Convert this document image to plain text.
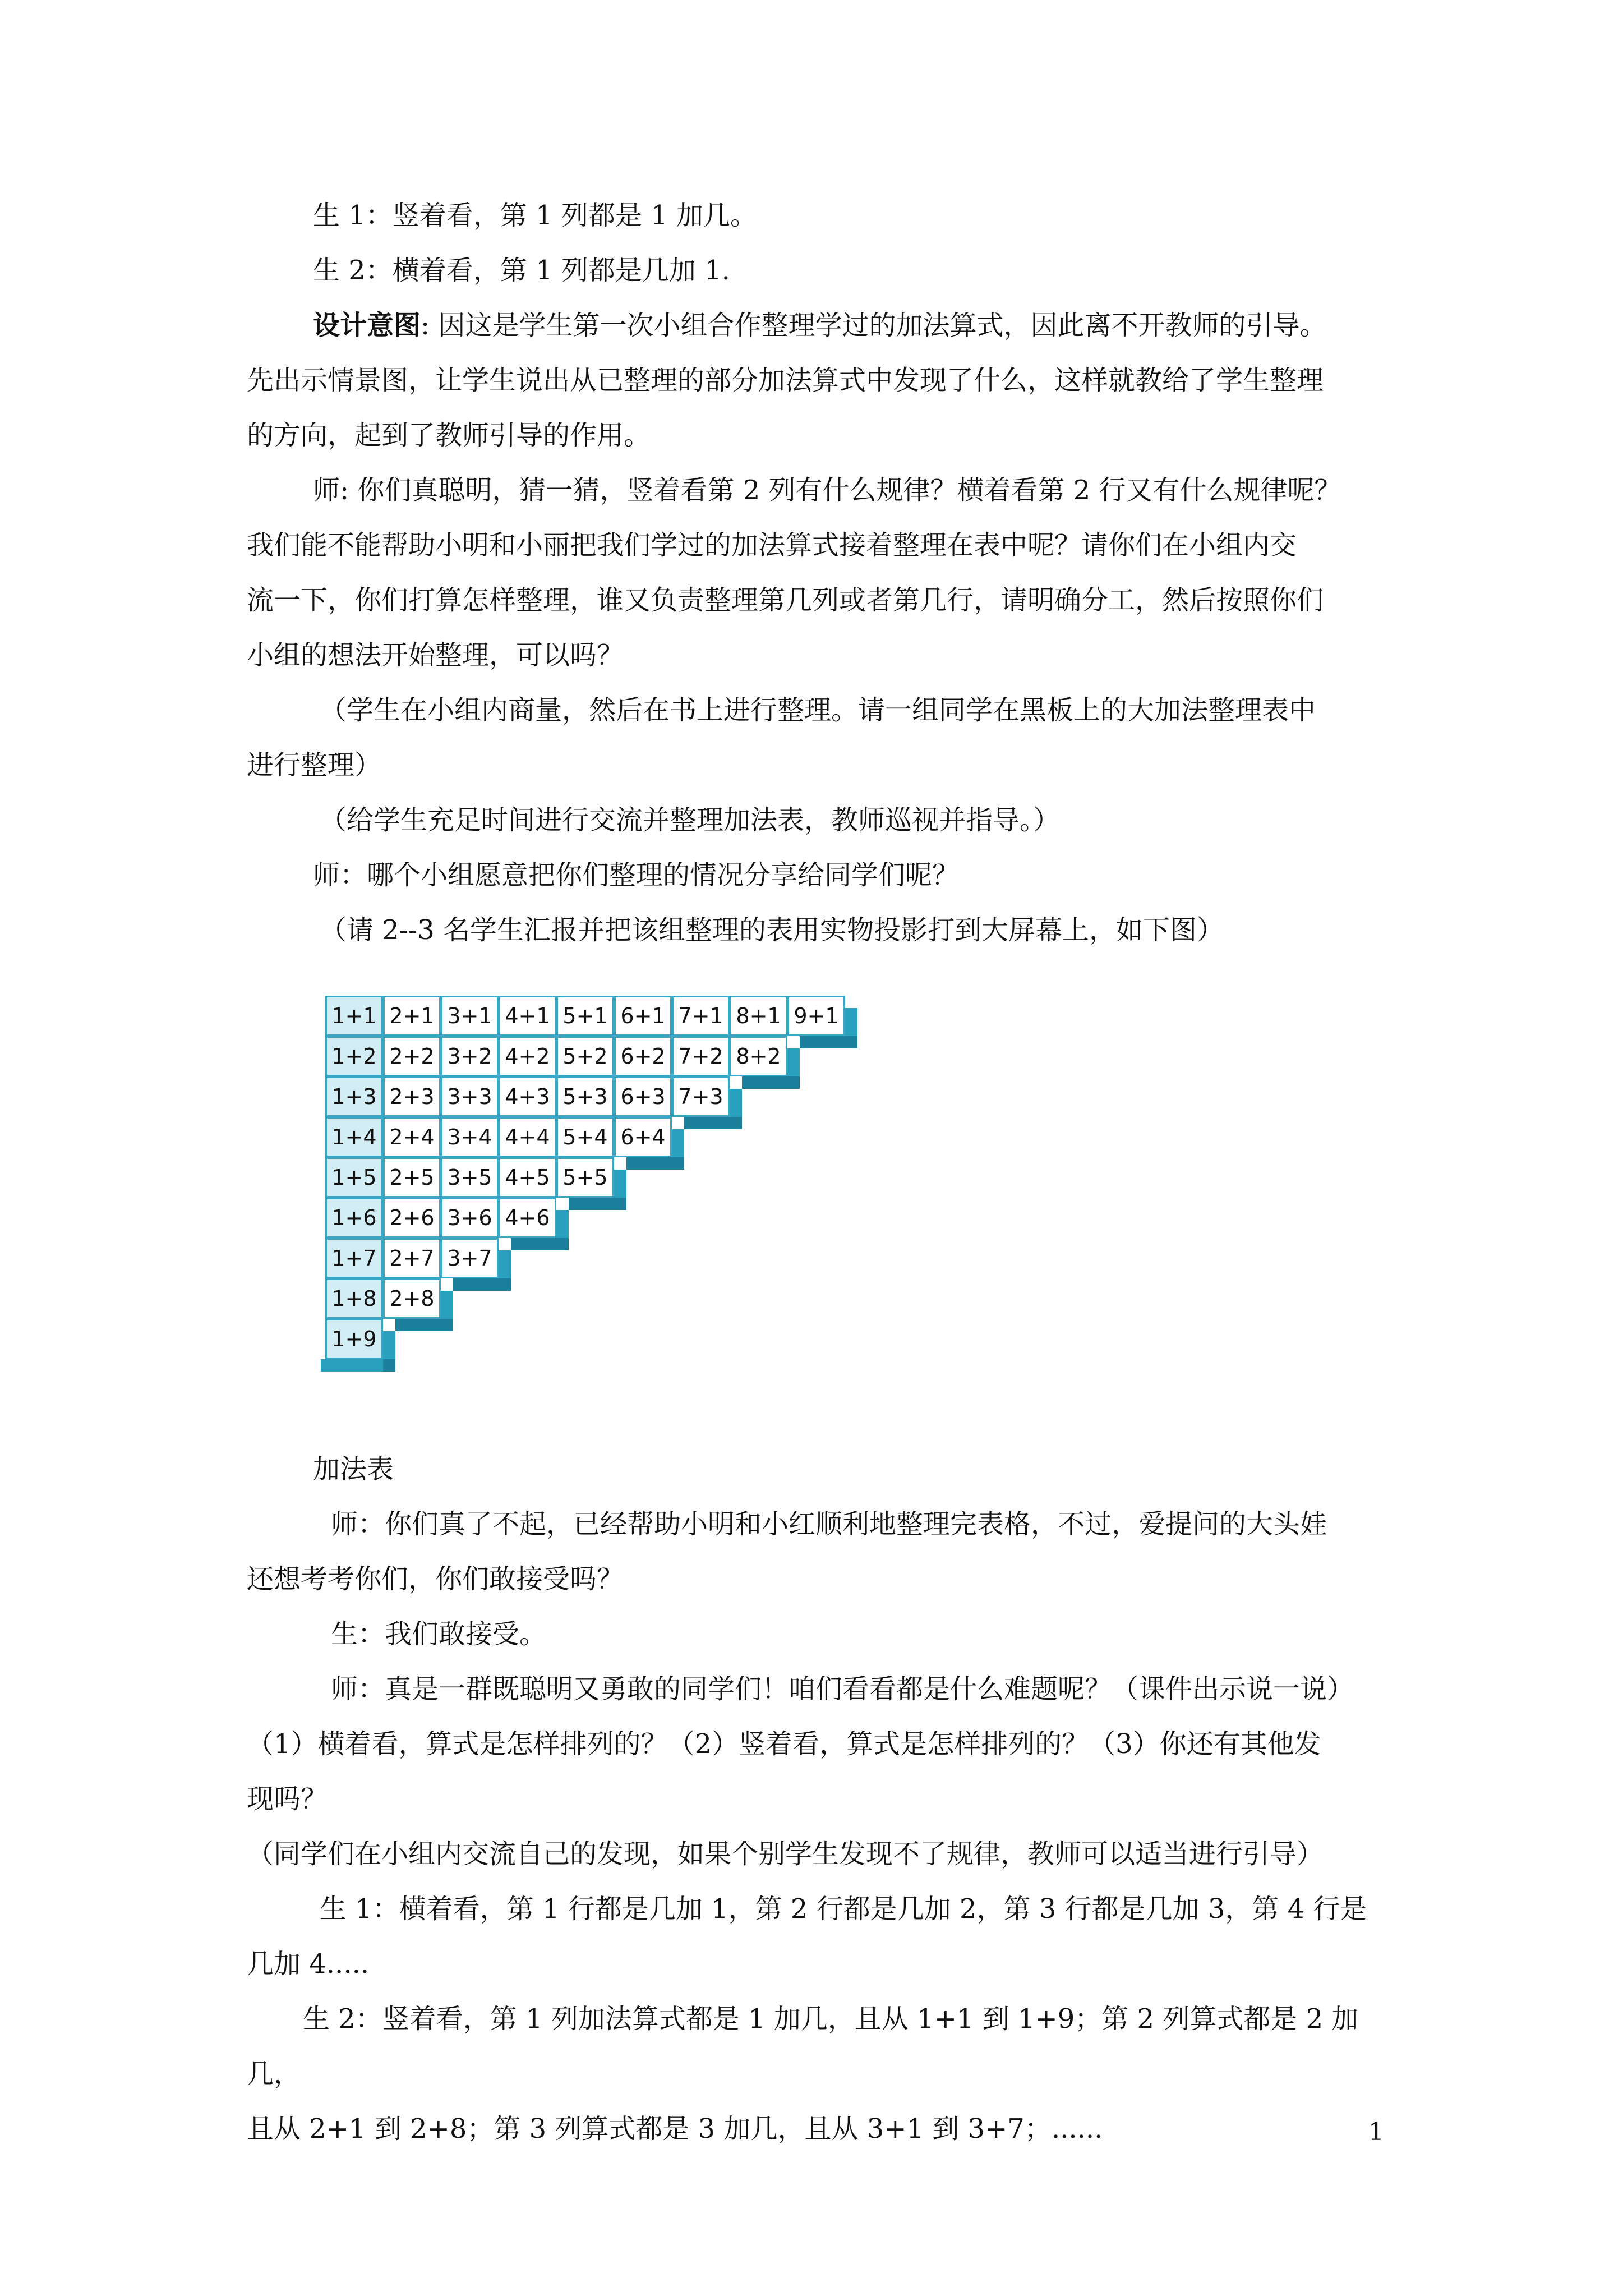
生 1：竖着看，第 1 列都是 1 加几。

生 2：横着看，第 1 列都是几加 1.

设计意图: 因这是学生第一次小组合作整理学过的加法算式，因此离不开教师的引导。
先出示情景图，让学生说出从已整理的部分加法算式中发现了什么，这样就教给了学生整理
的方向，起到了教师引导的作用。

师: 你们真聪明，猜一猜，竖着看第 2 列有什么规律？横着看第 2 行又有什么规律呢？
我们能不能帮助小明和小丽把我们学过的加法算式接着整理在表中呢？请你们在小组内交
流一下，你们打算怎样整理，谁又负责整理第几列或者第几行，请明确分工，然后按照你们
小组的想法开始整理，可以吗？

（学生在小组内商量，然后在书上进行整理。请一组同学在黑板上的大加法整理表中
进行整理）

（给学生充足时间进行交流并整理加法表，教师巡视并指导。）

师：哪个小组愿意把你们整理的情况分享给同学们呢？

（请 2--3 名学生汇报并把该组整理的表用实物投影打到大屏幕上，如下图）

1+1 2+1 3+1 4+1 5+1 6+1 7+1 8+1 9+1
1+2 2+2 3+2 4+2 5+2 6+2 7+2 8+2
1+3 2+3 3+3 4+3 5+3 6+3 7+3
1+4 2+4 3+4 4+4 5+4 6+4
1+5 2+5 3+5 4+5 5+5
1+6 2+6 3+6 4+6
1+7 2+7 3+7
1+8 2+8
1+9

加法表

师：你们真了不起，已经帮助小明和小红顺利地整理完表格，不过，爱提问的大头娃
还想考考你们，你们敢接受吗？

生：我们敢接受。

师：真是一群既聪明又勇敢的同学们！咱们看看都是什么难题呢？（课件出示说一说）
（1）横着看，算式是怎样排列的？（2）竖着看，算式是怎样排列的？（3）你还有其他发
现吗？

（同学们在小组内交流自己的发现，如果个别学生发现不了规律，教师可以适当进行引导）

生 1：横着看，第 1 行都是几加 1，第 2 行都是几加 2，第 3 行都是几加 3，第 4 行是
几加 4.....

生 2：竖着看，第 1 列加法算式都是 1 加几，且从 1+1 到 1+9；第 2 列算式都是 2 加几，
且从 2+1 到 2+8；第 3 列算式都是 3 加几，且从 3+1 到 3+7；......	1
